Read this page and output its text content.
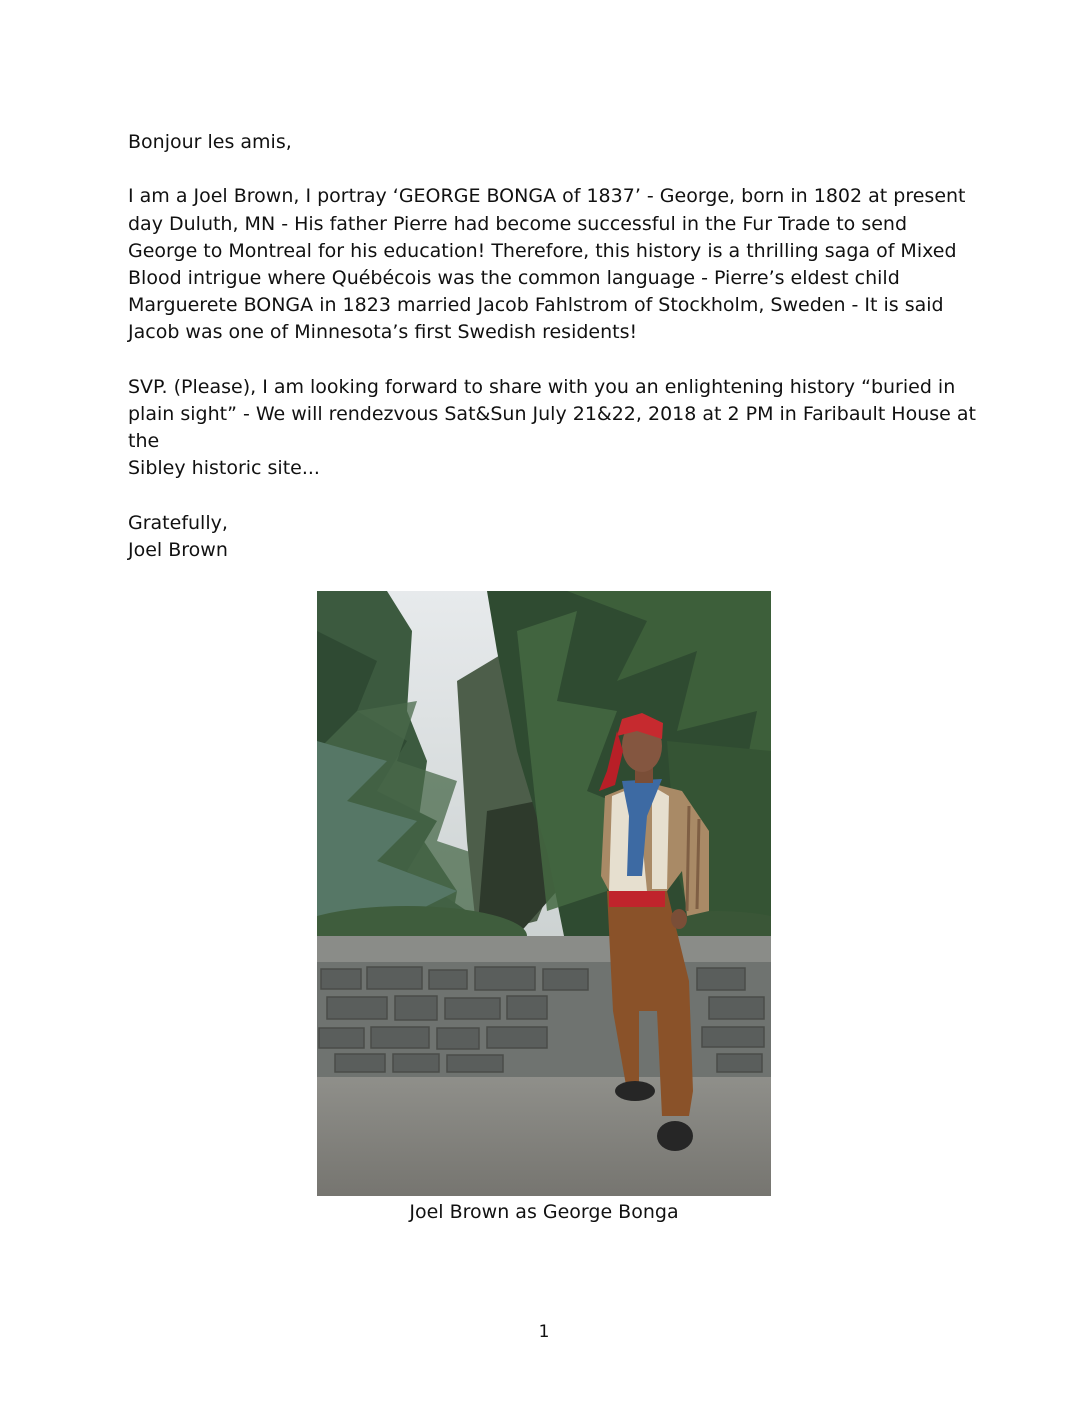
Bonjour les amis,
I am a Joel Brown, I portray ‘GEORGE BONGA of 1837’ - George, born in 1802 at present
day Duluth, MN - His father Pierre had become successful in the Fur Trade to send
George to Montreal for his education! Therefore, this history is a thrilling saga of Mixed
Blood intrigue where Québécois was the common language - Pierre’s eldest child
Marguerete BONGA in 1823 married Jacob Fahlstrom of Stockholm, Sweden - It is said
Jacob was one of Minnesota’s first Swedish residents!
SVP. (Please), I am looking forward to share with you an enlightening history “buried in
plain sight” - We will rendezvous Sat&Sun July 21&22, 2018 at 2 PM in Faribault House at
the
Sibley historic site...
Gratefully,
Joel Brown
Joel Brown as George Bonga
1
